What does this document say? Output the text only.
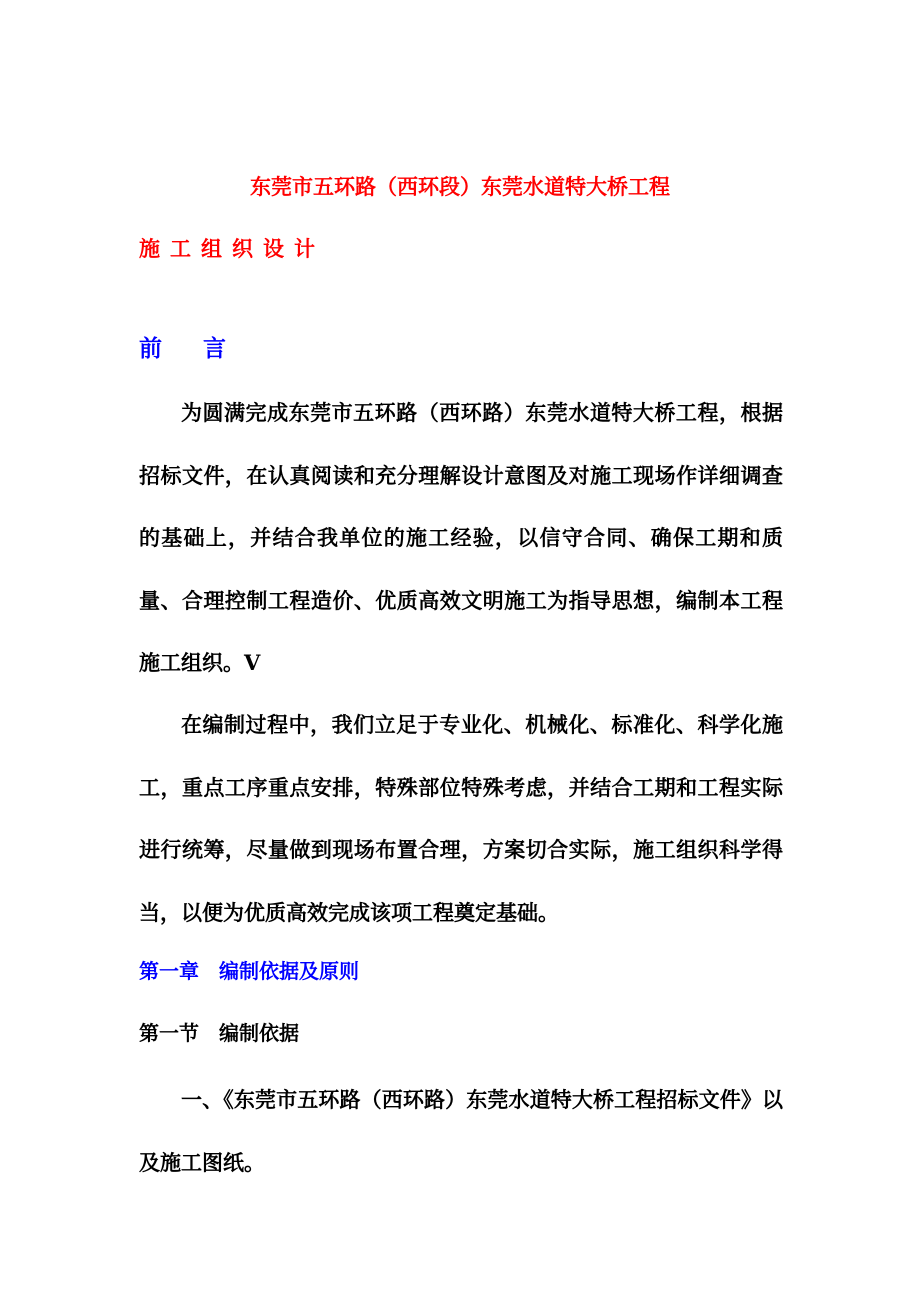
东莞市五环路（西环段）东莞水道特大桥工程
施工组织设计
前言

为圆满完成东莞市五环路（西环路）东莞水道特大桥工程，根据招标文件，在认真阅读和充分理解设计意图及对施工现场作详细调查的基础上，并结合我单位的施工经验，以信守合同、确保工期和质量、合理控制工程造价、优质高效文明施工为指导思想，编制本工程施工组织。V

在编制过程中，我们立足于专业化、机械化、标准化、科学化施工，重点工序重点安排，特殊部位特殊考虑，并结合工期和工程实际进行统筹，尽量做到现场布置合理，方案切合实际，施工组织科学得当，以便为优质高效完成该项工程奠定基础。

第一章　编制依据及原则
第一节　编制依据

一、《东莞市五环路（西环路）东莞水道特大桥工程招标文件》以及施工图纸。
